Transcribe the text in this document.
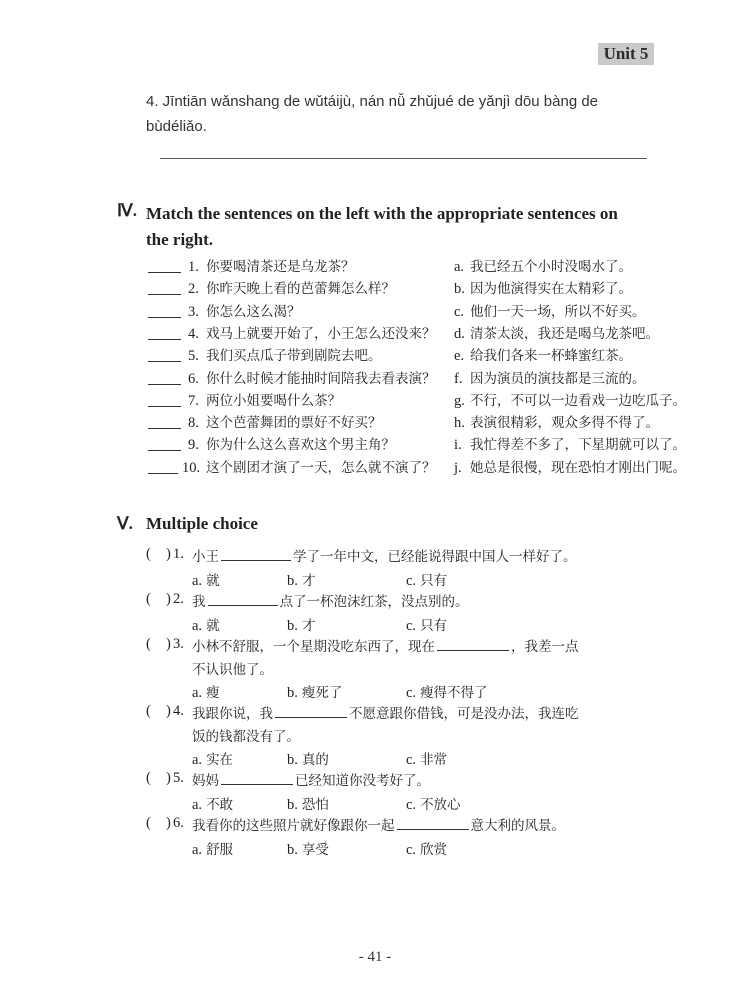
Unit 5
4. Jīntiān wǎnshang de wǔtáijù, nán nǚ zhǔjué de yǎnjì dōu bàng de
bùdéliǎo.
Ⅳ. Match the sentences on the left with the appropriate sentences on
the right.
1. 你要喝清茶还是乌龙茶？	a. 我已经五个小时没喝水了。
2. 你昨天晚上看的芭蕾舞怎么样？	b. 因为他演得实在太精彩了。
3. 你怎么这么渴？	c. 他们一天一场，所以不好买。
4. 戏马上就要开始了，小王怎么还没来？ d. 清茶太淡，我还是喝乌龙茶吧。
5. 我们买点瓜子带到剧院去吧。	e. 给我们各来一杯蜂蜜红茶。
6. 你什么时候才能抽时间陪我去看表演？ f. 因为演员的演技都是三流的。
7. 两位小姐要喝什么茶？	g. 不行，不可以一边看戏一边吃瓜子。
8. 这个芭蕾舞团的票好不好买？	h. 表演很精彩，观众多得不得了。
9. 你为什么这么喜欢这个男主角？	i. 我忙得差不多了，下星期就可以了。
10. 这个剧团才演了一天，怎么就不演了？ j. 她总是很慢，现在恐怕才刚出门呢。
Ⅴ. Multiple choice
( ) 1. 小王	学了一年中文，已经能说得跟中国人一样好了。
a. 就	b. 才	c. 只有
( ) 2. 我	点了一杯泡沫红茶，没点别的。
a. 就	b. 才	c. 只有
( ) 3. 小林不舒服，一个星期没吃东西了，现在	，我差一点
不认识他了。
a. 瘦	b. 瘦死了	c. 瘦得不得了
( ) 4. 我跟你说，我	不愿意跟你借钱，可是没办法，我连吃
饭的钱都没有了。
a. 实在	b. 真的	c. 非常
( ) 5. 妈妈	已经知道你没考好了。
a. 不敢	b. 恐怕	c. 不放心
( ) 6. 我看你的这些照片就好像跟你一起	意大利的风景。
a. 舒服	b. 享受	c. 欣赏
- 41 -
